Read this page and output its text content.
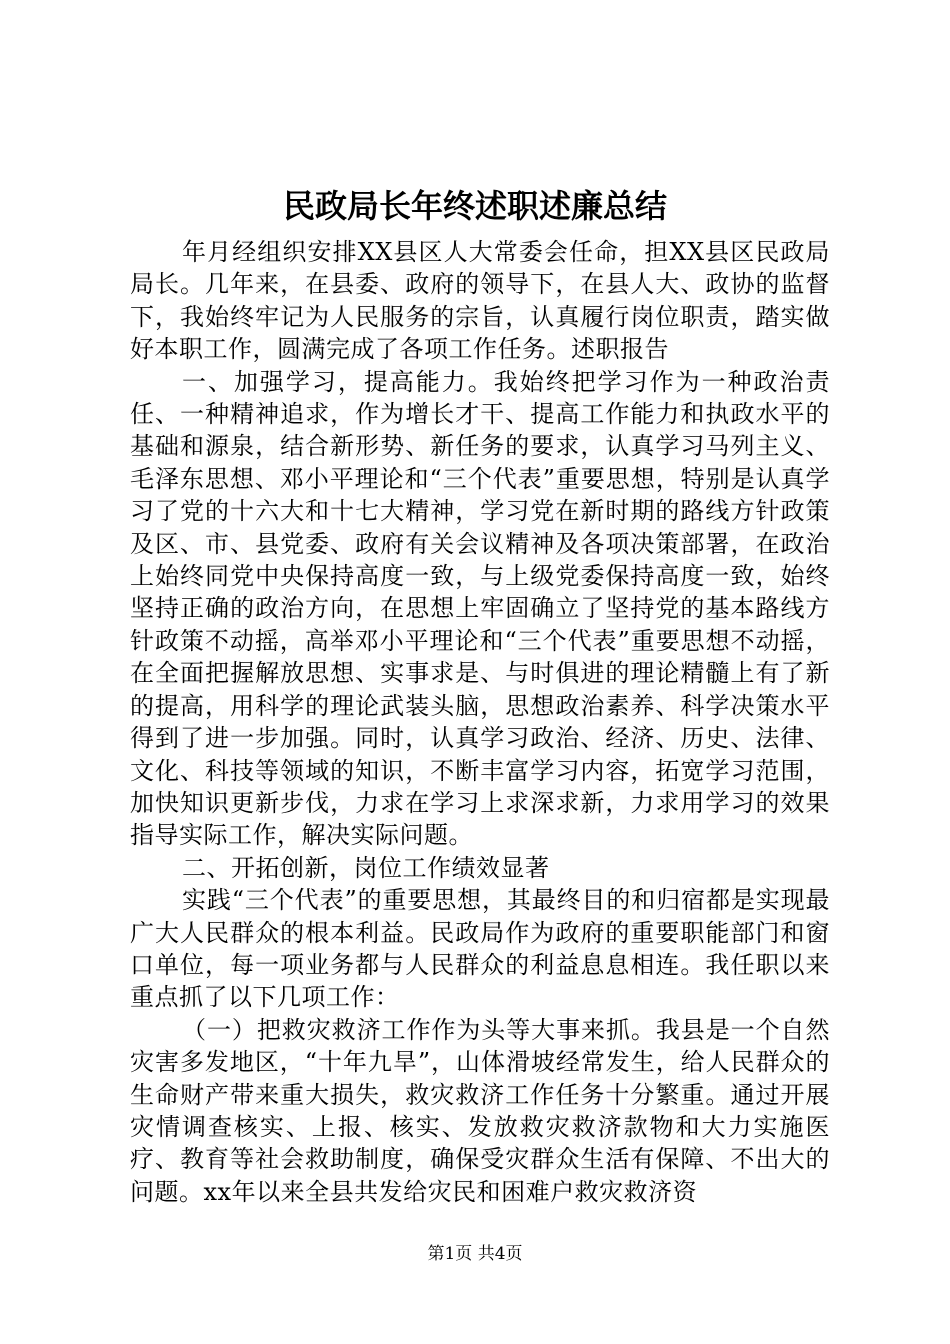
民政局长年终述职述廉总结

年月经组织安排XX县区人大常委会任命，担XX县区民政局局长。几年来，在县委、政府的领导下，在县人大、政协的监督下，我始终牢记为人民服务的宗旨，认真履行岗位职责，踏实做好本职工作，圆满完成了各项工作任务。述职报告

一、加强学习，提高能力。我始终把学习作为一种政治责任、一种精神追求，作为增长才干、提高工作能力和执政水平的基础和源泉，结合新形势、新任务的要求，认真学习马列主义、毛泽东思想、邓小平理论和“三个代表”重要思想，特别是认真学习了党的十六大和十七大精神，学习党在新时期的路线方针政策及区、市、县党委、政府有关会议精神及各项决策部署，在政治上始终同党中央保持高度一致，与上级党委保持高度一致，始终坚持正确的政治方向，在思想上牢固确立了坚持党的基本路线方针政策不动摇，高举邓小平理论和“三个代表”重要思想不动摇，在全面把握解放思想、实事求是、与时俱进的理论精髓上有了新的提高，用科学的理论武装头脑，思想政治素养、科学决策水平得到了进一步加强。同时，认真学习政治、经济、历史、法律、文化、科技等领域的知识，不断丰富学习内容，拓宽学习范围，加快知识更新步伐，力求在学习上求深求新，力求用学习的效果指导实际工作，解决实际问题。

二、开拓创新，岗位工作绩效显著

实践“三个代表”的重要思想，其最终目的和归宿都是实现最广大人民群众的根本利益。民政局作为政府的重要职能部门和窗口单位，每一项业务都与人民群众的利益息息相连。我任职以来重点抓了以下几项工作：

（一）把救灾救济工作作为头等大事来抓。我县是一个自然灾害多发地区，“十年九旱”，山体滑坡经常发生，给人民群众的生命财产带来重大损失，救灾救济工作任务十分繁重。通过开展灾情调查核实、上报、核实、发放救灾救济款物和大力实施医疗、教育等社会救助制度，确保受灾群众生活有保障、不出大的问题。xx年以来全县共发给灾民和困难户救灾救济资

第1页 共4页
